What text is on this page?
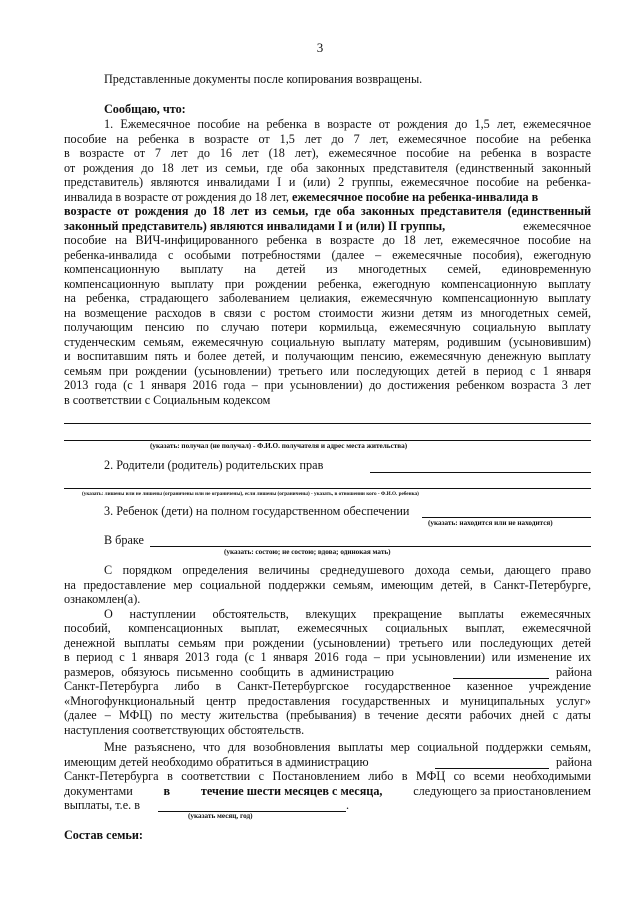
3
Представленные документы после копирования возвращены.
Сообщаю, что:
1. Ежемесячное пособие на ребенка в возрасте от рождения до 1,5 лет, ежемесячное
пособие на ребенка в возрасте от 1,5 лет до 7 лет, ежемесячное пособие на ребенка
в возрасте от 7 лет до 16 лет (18 лет), ежемесячное пособие на ребенка в возрасте
от рождения до 18 лет из семьи, где оба законных представителя (единственный законный
представитель) являются инвалидами I и (или) 2 группы, ежемесячное пособие на ребенка-
инвалида в возрасте от рождения до 18 лет, ежемесячное пособие на ребенка-инвалида в
возрасте от рождения до 18 лет из семьи, где оба законных представителя (единственный
законный представитель) являются инвалидами I и (или) II группы,	ежемесячное
пособие на ВИЧ-инфицированного ребенка в возрасте до 18 лет, ежемесячное пособие на
ребенка-инвалида с особыми потребностями (далее – ежемесячные пособия), ежегодную
компенсационную выплату на детей из многодетных семей, единовременную
компенсационную выплату при рождении ребенка, ежегодную компенсационную выплату
на ребенка, страдающего заболеванием целиакия, ежемесячную компенсационную выплату
на возмещение расходов в связи с ростом стоимости жизни детям из многодетных семей,
получающим пенсию по случаю потери кормильца, ежемесячную социальную выплату
студенческим семьям, ежемесячную социальную выплату матерям, родившим (усыновившим)
и воспитавшим пять и более детей, и получающим пенсию, ежемесячную денежную выплату
семьям при рождении (усыновлении) третьего или последующих детей в период с 1 января
2013 года (с 1 января 2016 года – при усыновлении) до достижения ребенком возраста 3 лет
в соответствии с Социальным кодексом
(указать: получал (не получал) - Ф.И.О. получателя и адрес места жительства)
2. Родители (родитель) родительских прав
(указать: лишены или не лишены (ограничены или не ограничены), если лишены (ограничены) - указать, в отношении кого - Ф.И.О. ребенка)
3. Ребенок (дети) на полном государственном обеспечении
(указать: находится или не находится)
В браке
(указать: состою; не состою; вдова; одинокая мать)
С порядком определения величины среднедушевого дохода семьи, дающего право
на предоставление мер социальной поддержки семьям, имеющим детей, в Санкт-Петербурге,
ознакомлен(а).
О наступлении обстоятельств, влекущих прекращение выплаты ежемесячных
пособий, компенсационных выплат, ежемесячных социальных выплат, ежемесячной
денежной выплаты семьям при рождении (усыновлении) третьего или последующих детей
в период с 1 января 2013 года (с 1 января 2016 года – при усыновлении) или изменение их
размеров, обязуюсь письменно сообщить в администрацию	района
Санкт-Петербурга либо в Санкт-Петербургское государственное казенное учреждение
«Многофункциональный центр предоставления государственных и муниципальных услуг»
(далее – МФЦ) по месту жительства (пребывания) в течение десяти рабочих дней с даты
наступления соответствующих обстоятельств.
Мне разъяснено, что для возобновления выплаты мер социальной поддержки семьям,
имеющим детей необходимо обратиться в администрацию	района
Санкт-Петербурга в соответствии с Постановлением либо в МФЦ со всеми необходимыми
документами	в	течение шести месяцев с месяца,	следующего за приостановлением
выплаты, т.е. в	.
(указать месяц, год)
Состав семьи:
